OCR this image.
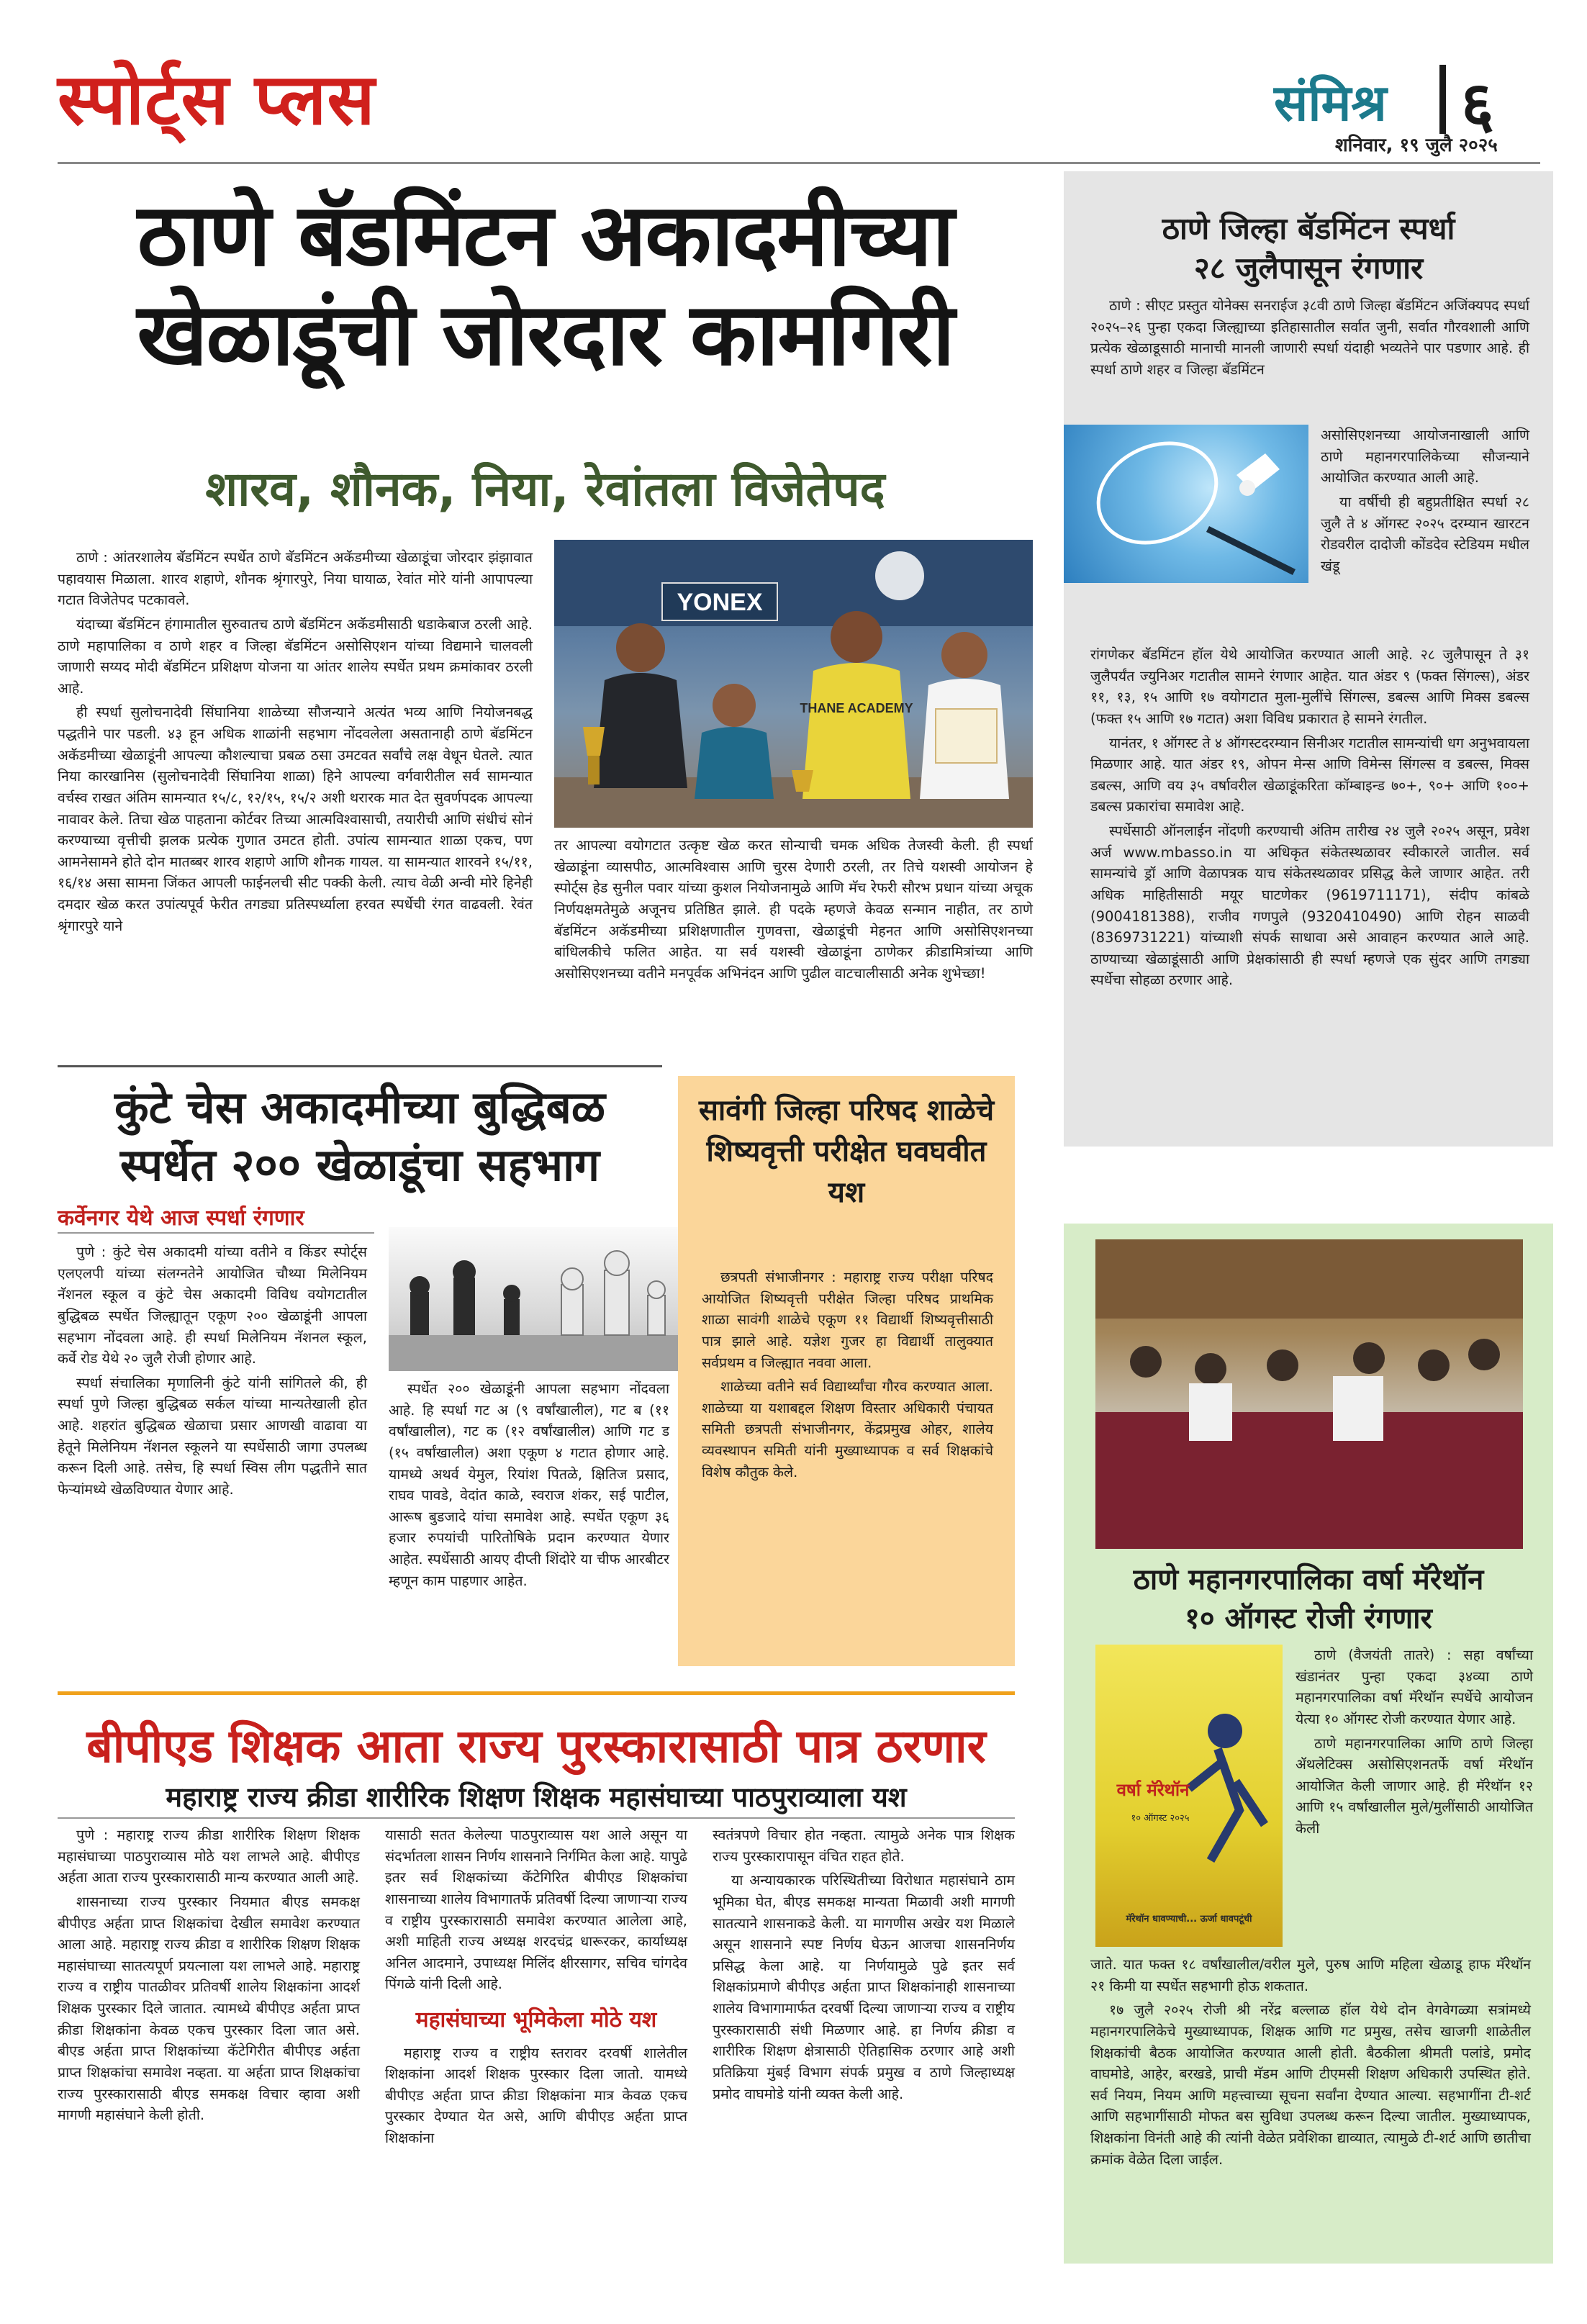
स्पोर्ट्स प्लस	संमिश्र ६
शनिवार, १९ जुलै २०२५
ठाणे बॅडमिंटन अकादमीच्या
खेळाडूंची जोरदार कामगिरी
शारव, शौनक, निया, रेवांतला विजेतेपद

ठाणे : आंतरशालेय बॅडमिंटन स्पर्धेत ठाणे बॅडमिंटन अकॅडमीच्या खेळाडूंचा जोरदार झंझावात पहावयास मिळाला. शारव शहाणे, शौनक श्रृंगारपुरे, निया घायाळ, रेवांत मोरे यांनी आपापल्या गटात विजेतेपद पटकावले.

यंदाच्या बॅडमिंटन हंगामातील सुरुवातच ठाणे बॅडमिंटन अकॅडमीसाठी धडाकेबाज ठरली आहे. ठाणे महापालिका व ठाणे शहर व जिल्हा बॅडमिंटन असोसिएशन यांच्या विद्यमाने चालवली जाणारी सय्यद मोदी बॅडमिंटन प्रशिक्षण योजना या आंतर शालेय स्पर्धेत प्रथम क्रमांकावर ठरली आहे.

ही स्पर्धा सुलोचनादेवी सिंघानिया शाळेच्या सौजन्याने अत्यंत भव्य आणि नियोजनबद्ध पद्धतीने पार पडली. ४३ हून अधिक शाळांनी सहभाग नोंदवलेला असतानाही ठाणे बॅडमिंटन अकॅडमीच्या खेळाडूंनी आपल्या कौशल्याचा प्रबळ ठसा उमटवत सर्वांचे लक्ष वेधून घेतले. त्यात निया कारखानिस (सुलोचनादेवी सिंघानिया शाळा) हिने आपल्या वर्गवारीतील सर्व सामन्यात वर्चस्व राखत अंतिम सामन्यात १५/८, १२/१५, १५/२ अशी थरारक मात देत सुवर्णपदक आपल्या नावावर केले. तिचा खेळ पाहताना कोर्टवर तिच्या आत्मविश्वासाची, तयारीची आणि संधीचं सोनं करण्याच्या वृत्तीची झलक प्रत्येक गुणात उमटत होती. उपांत्य सामन्यात शाळा एकच, पण आमनेसामने होते दोन मातब्बर शारव शहाणे आणि शौनक गायल. या सामन्यात शारवने १५/११, १६/१४ असा सामना जिंकत आपली फाईनलची सीट पक्की केली. त्याच वेळी अन्वी मोरे हिनेही दमदार खेळ करत उपांत्यपूर्व फेरीत तगड्या प्रतिस्पर्ध्याला हरवत स्पर्धेची रंगत वाढवली. रेवंत श्रृंगारपुरे याने

YONEX
THANE ACADEMY

तर आपल्या वयोगटात उत्कृष्ट खेळ करत सोन्याची चमक अधिक तेजस्वी केली. ही स्पर्धा खेळाडूंना व्यासपीठ, आत्मविश्वास आणि चुरस देणारी ठरली, तर तिचे यशस्वी आयोजन हे स्पोर्ट्स हेड सुनील पवार यांच्या कुशल नियोजनामुळे आणि मॅच रेफरी सौरभ प्रधान यांच्या अचूक निर्णयक्षमतेमुळे अजूनच प्रतिष्ठित झाले. ही पदके म्हणजे केवळ सन्मान नाहीत, तर ठाणे बॅडमिंटन अकॅडमीच्या प्रशिक्षणातील गुणवत्ता, खेळाडूंची मेहनत आणि असोसिएशनच्या बांधिलकीचे फलित आहेत. या सर्व यशस्वी खेळाडूंना ठाणेकर क्रीडामित्रांच्या आणि असोसिएशनच्या वतीने मनपूर्वक अभिनंदन आणि पुढील वाटचालीसाठी अनेक शुभेच्छा!

ठाणे जिल्हा बॅडमिंटन स्पर्धा
२८ जुलैपासून रंगणार

ठाणे : सीएट प्रस्तुत योनेक्स सनराईज ३८वी ठाणे जिल्हा बॅडमिंटन अजिंक्यपद स्पर्धा २०२५–२६ पुन्हा एकदा जिल्ह्याच्या इतिहासातील सर्वात जुनी, सर्वात गौरवशाली आणि प्रत्येक खेळाडूसाठी मानाची मानली जाणारी स्पर्धा यंदाही भव्यतेने पार पडणार आहे. ही स्पर्धा ठाणे शहर व जिल्हा बॅडमिंटन

असोसिएशनच्या आयोजनाखाली आणि ठाणे महानगरपालिकेच्या सौजन्याने आयोजित करण्यात आली आहे.

या वर्षीची ही बहुप्रतीक्षित स्पर्धा २८ जुलै ते ४ ऑगस्ट २०२५ दरम्यान खारटन रोडवरील दादोजी कोंडदेव स्टेडियम मधील खंडू

रांगणेकर बॅडमिंटन हॉल येथे आयोजित करण्यात आली आहे. २८ जुलैपासून ते ३१ जुलैपर्यंत ज्युनिअर गटातील सामने रंगणार आहेत. यात अंडर ९ (फक्त सिंगल्स), अंडर ११, १३, १५ आणि १७ वयोगटात मुला-मुलींचे सिंगल्स, डबल्स आणि मिक्स डबल्स (फक्त १५ आणि १७ गटात) अशा विविध प्रकारात हे सामने रंगतील.

यानंतर, १ ऑगस्ट ते ४ ऑगस्टदरम्यान सिनीअर गटातील सामन्यांची धग अनुभवायला मिळणार आहे. यात अंडर १९, ओपन मेन्स आणि विमेन्स सिंगल्स व डबल्स, मिक्स डबल्स, आणि वय ३५ वर्षावरील खेळाडूंकरिता कॉम्बाइन्ड ७०+, ९०+ आणि १००+ डबल्स प्रकारांचा समावेश आहे.

स्पर्धेसाठी ऑनलाईन नोंदणी करण्याची अंतिम तारीख २४ जुलै २०२५ असून, प्रवेश अर्ज www.mbasso.in या अधिकृत संकेतस्थळावर स्वीकारले जातील. सर्व सामन्यांचे ड्रॉ आणि वेळापत्रक याच संकेतस्थळावर प्रसिद्ध केले जाणार आहेत. तरी अधिक माहितीसाठी मयूर घाटणेकर (9619711171), संदीप कांबळे (9004181388), राजीव गणपुले (9320410490) आणि रोहन साळवी (8369731221) यांच्याशी संपर्क साधावा असे आवाहन करण्यात आले आहे. ठाण्याच्या खेळाडूंसाठी आणि प्रेक्षकांसाठी ही स्पर्धा म्हणजे एक सुंदर आणि तगड्या स्पर्धेचा सोहळा ठरणार आहे.

कुंटे चेस अकादमीच्या बुद्धिबळ
स्पर्धेत २०० खेळाडूंचा सहभाग
कर्वेनगर येथे आज स्पर्धा रंगणार

पुणे : कुंटे चेस अकादमी यांच्या वतीने व किंडर स्पोर्ट्स एलएलपी यांच्या संलग्नतेने आयोजित चौथ्या मिलेनियम नॅशनल स्कूल व कुंटे चेस अकादमी विविध वयोगटातील बुद्धिबळ स्पर्धेत जिल्ह्यातून एकूण २०० खेळाडूंनी आपला सहभाग नोंदवला आहे. ही स्पर्धा मिलेनियम नॅशनल स्कूल, कर्वे रोड येथे २० जुलै रोजी होणार आहे.

स्पर्धा संचालिका मृणालिनी कुंटे यांनी सांगितले की, ही स्पर्धा पुणे जिल्हा बुद्धिबळ सर्कल यांच्या मान्यतेखाली होत आहे. शहरांत बुद्धिबळ खेळाचा प्रसार आणखी वाढावा या हेतूने मिलेनियम नॅशनल स्कूलने या स्पर्धेसाठी जागा उपलब्ध करून दिली आहे. तसेच, हि स्पर्धा स्विस लीग पद्धतीने सात फेऱ्यांमध्ये खेळविण्यात येणार आहे.

स्पर्धेत २०० खेळाडूंनी आपला सहभाग नोंदवला आहे. हि स्पर्धा गट अ (९ वर्षांखालील), गट ब (११ वर्षांखालील), गट क (१२ वर्षांखालील) आणि गट ड (१५ वर्षांखालील) अशा एकूण ४ गटात होणार आहे. यामध्ये अथर्व येमुल, रियांश पितळे, क्षितिज प्रसाद, राघव पावडे, वेदांत काळे, स्वराज शंकर, सई पाटील, आरूष बुडजादे यांचा समावेश आहे. स्पर्धेत एकूण ३६ हजार रुपयांची पारितोषिके प्रदान करण्यात येणार आहेत. स्पर्धेसाठी आयए दीप्ती शिंदोरे या चीफ आरबीटर म्हणून काम पाहणार आहेत.

सावंगी जिल्हा परिषद शाळेचे शिष्यवृत्ती परीक्षेत घवघवीत यश

छत्रपती संभाजीनगर : महाराष्ट्र राज्य परीक्षा परिषद आयोजित शिष्यवृत्ती परीक्षेत जिल्हा परिषद प्राथमिक शाळा सावंगी शाळेचे एकूण ११ विद्यार्थी शिष्यवृत्तीसाठी पात्र झाले आहे. यज्ञेश गुजर हा विद्यार्थी तालुक्यात सर्वप्रथम व जिल्ह्यात नववा आला.

शाळेच्या वतीने सर्व विद्यार्थ्यांचा गौरव करण्यात आला. शाळेच्या या यशाबद्दल शिक्षण विस्तार अधिकारी पंचायत समिती छत्रपती संभाजीनगर, केंद्रप्रमुख ओहर, शालेय व्यवस्थापन समिती यांनी मुख्याध्यापक व सर्व शिक्षकांचे विशेष कौतुक केले.

ठाणे महानगरपालिका वर्षा मॅरेथॉन
१० ऑगस्ट रोजी रंगणार
वर्षा मॅरेथॉन
१० ऑगस्ट २०२५
मॅरेथॉन धावण्याची... ऊर्जा धावपटूंची

ठाणे (वैजयंती तातरे) : सहा वर्षांच्या खंडानंतर पुन्हा एकदा ३४व्या ठाणे महानगरपालिका वर्षा मॅरेथॉन स्पर्धेचे आयोजन येत्या १० ऑगस्ट रोजी करण्यात येणार आहे.

ठाणे महानगरपालिका आणि ठाणे जिल्हा ॲथलेटिक्स असोसिएशनतर्फे वर्षा मॅरेथॉन आयोजित केली जाणार आहे. ही मॅरेथॉन १२ आणि १५ वर्षांखालील मुले/मुलींसाठी आयोजित केली

जाते. यात फक्त १८ वर्षांखालील/वरील मुले, पुरुष आणि महिला खेळाडू हाफ मॅरेथॉन २१ किमी या स्पर्धेत सहभागी होऊ शकतात.

१७ जुलै २०२५ रोजी श्री नरेंद्र बल्लाळ हॉल येथे दोन वेगवेगळ्या सत्रांमध्ये महानगरपालिकेचे मुख्याध्यापक, शिक्षक आणि गट प्रमुख, तसेच खाजगी शाळेतील शिक्षकांची बैठक आयोजित करण्यात आली होती. बैठकीला श्रीमती पलांडे, प्रमोद वाघमोडे, आहेर, बरखडे, प्राची मॅडम आणि टीएमसी शिक्षण अधिकारी उपस्थित होते. सर्व नियम, नियम आणि महत्त्वाच्या सूचना सर्वांना देण्यात आल्या. सहभागींना टी-शर्ट आणि सहभागींसाठी मोफत बस सुविधा उपलब्ध करून दिल्या जातील. मुख्याध्यापक, शिक्षकांना विनंती आहे की त्यांनी वेळेत प्रवेशिका द्याव्यात, त्यामुळे टी-शर्ट आणि छातीचा क्रमांक वेळेत दिला जाईल.

बीपीएड शिक्षक आता राज्य पुरस्कारासाठी पात्र ठरणार
महाराष्ट्र राज्य क्रीडा शारीरिक शिक्षण शिक्षक महासंघाच्या पाठपुराव्याला यश

पुणे : महाराष्ट्र राज्य क्रीडा शारीरिक शिक्षण शिक्षक महासंघाच्या पाठपुराव्यास मोठे यश लाभले आहे. बीपीएड अर्हता आता राज्य पुरस्कारासाठी मान्य करण्यात आली आहे.

शासनाच्या राज्य पुरस्कार नियमात बीएड समकक्ष बीपीएड अर्हता प्राप्त शिक्षकांचा देखील समावेश करण्यात आला आहे. महाराष्ट्र राज्य क्रीडा व शारीरिक शिक्षण शिक्षक महासंघाच्या सातत्यपूर्ण प्रयत्नाला यश लाभले आहे. महाराष्ट्र राज्य व राष्ट्रीय पातळीवर प्रतिवर्षी शालेय शिक्षकांना आदर्श शिक्षक पुरस्कार दिले जातात. त्यामध्ये बीपीएड अर्हता प्राप्त क्रीडा शिक्षकांना केवळ एकच पुरस्कार दिला जात असे. बीएड अर्हता प्राप्त शिक्षकांच्या कॅटेगिरीत बीपीएड अर्हता प्राप्त शिक्षकांचा समावेश नव्हता. या अर्हता प्राप्त शिक्षकांचा राज्य पुरस्कारासाठी बीएड समकक्ष विचार व्हावा अशी मागणी महासंघाने केली होती.

यासाठी सतत केलेल्या पाठपुराव्यास यश आले असून या संदर्भातला शासन निर्णय शासनाने निर्गमित केला आहे. यापुढे इतर सर्व शिक्षकांच्या कॅटेगिरित बीपीएड शिक्षकांचा शासनाच्या शालेय विभागातर्फे प्रतिवर्षी दिल्या जाणाऱ्या राज्य व राष्ट्रीय पुरस्कारासाठी समावेश करण्यात आलेला आहे, अशी माहिती राज्य अध्यक्ष शरदचंद्र धारूरकर, कार्याध्यक्ष अनिल आदमाने, उपाध्यक्ष मिलिंद क्षीरसागर, सचिव चांगदेव पिंगळे यांनी दिली आहे.

महासंघाच्या भूमिकेला मोठे यश

महाराष्ट्र राज्य व राष्ट्रीय स्तरावर दरवर्षी शालेतील शिक्षकांना आदर्श शिक्षक पुरस्कार दिला जातो. यामध्ये बीपीएड अर्हता प्राप्त क्रीडा शिक्षकांना मात्र केवळ एकच पुरस्कार देण्यात येत असे, आणि बीपीएड अर्हता प्राप्त शिक्षकांना

स्वतंत्रपणे विचार होत नव्हता. त्यामुळे अनेक पात्र शिक्षक राज्य पुरस्कारापासून वंचित राहत होते.

या अन्यायकारक परिस्थितीच्या विरोधात महासंघाने ठाम भूमिका घेत, बीएड समकक्ष मान्यता मिळावी अशी मागणी सातत्याने शासनाकडे केली. या मागणीस अखेर यश मिळाले असून शासनाने स्पष्ट निर्णय घेऊन आजचा शासननिर्णय प्रसिद्ध केला आहे. या निर्णयामुळे पुढे इतर सर्व शिक्षकांप्रमाणे बीपीएड अर्हता प्राप्त शिक्षकांनाही शासनाच्या शालेय विभागामार्फत दरवर्षी दिल्या जाणाऱ्या राज्य व राष्ट्रीय पुरस्कारासाठी संधी मिळणार आहे. हा निर्णय क्रीडा व शारीरिक शिक्षण क्षेत्रासाठी ऐतिहासिक ठरणार आहे अशी प्रतिक्रिया मुंबई विभाग संपर्क प्रमुख व ठाणे जिल्हाध्यक्ष प्रमोद वाघमोडे यांनी व्यक्त केली आहे.
